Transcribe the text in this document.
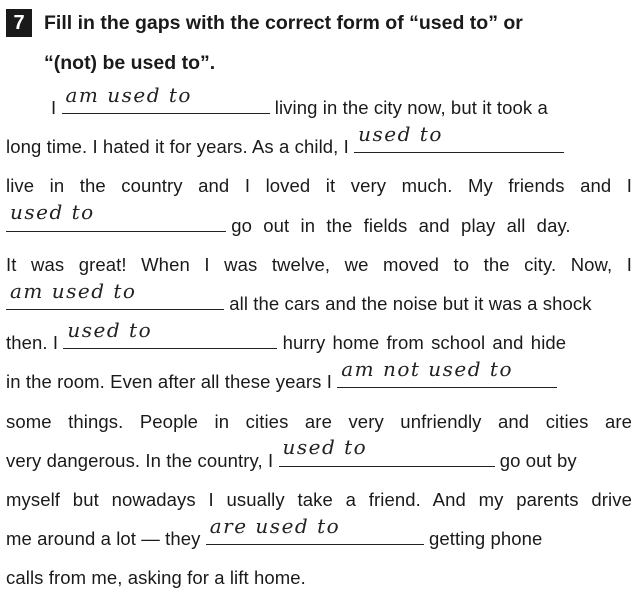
7 Fill in the gaps with the correct form of “used to” or
“(not) be used to”.
I
am used to
living in the city now, but it took a
long time. I hated it for years. As a child, I
used to
live in the country and I loved it very much. My friends and I
used to
go out in the fields and play all day.
It was great! When I was twelve, we moved to the city. Now, I
am used to
all the cars and the noise but it was a shock
then. I
used to
hurry home from school and hide
in the room. Even after all these years I
am not used to
some things. People in cities are very unfriendly and cities are
very dangerous. In the country, I
used to
go out by
myself but nowadays I usually take a friend. And my parents drive
me around a lot — they
are used to
getting phone
calls from me, asking for a lift home.
